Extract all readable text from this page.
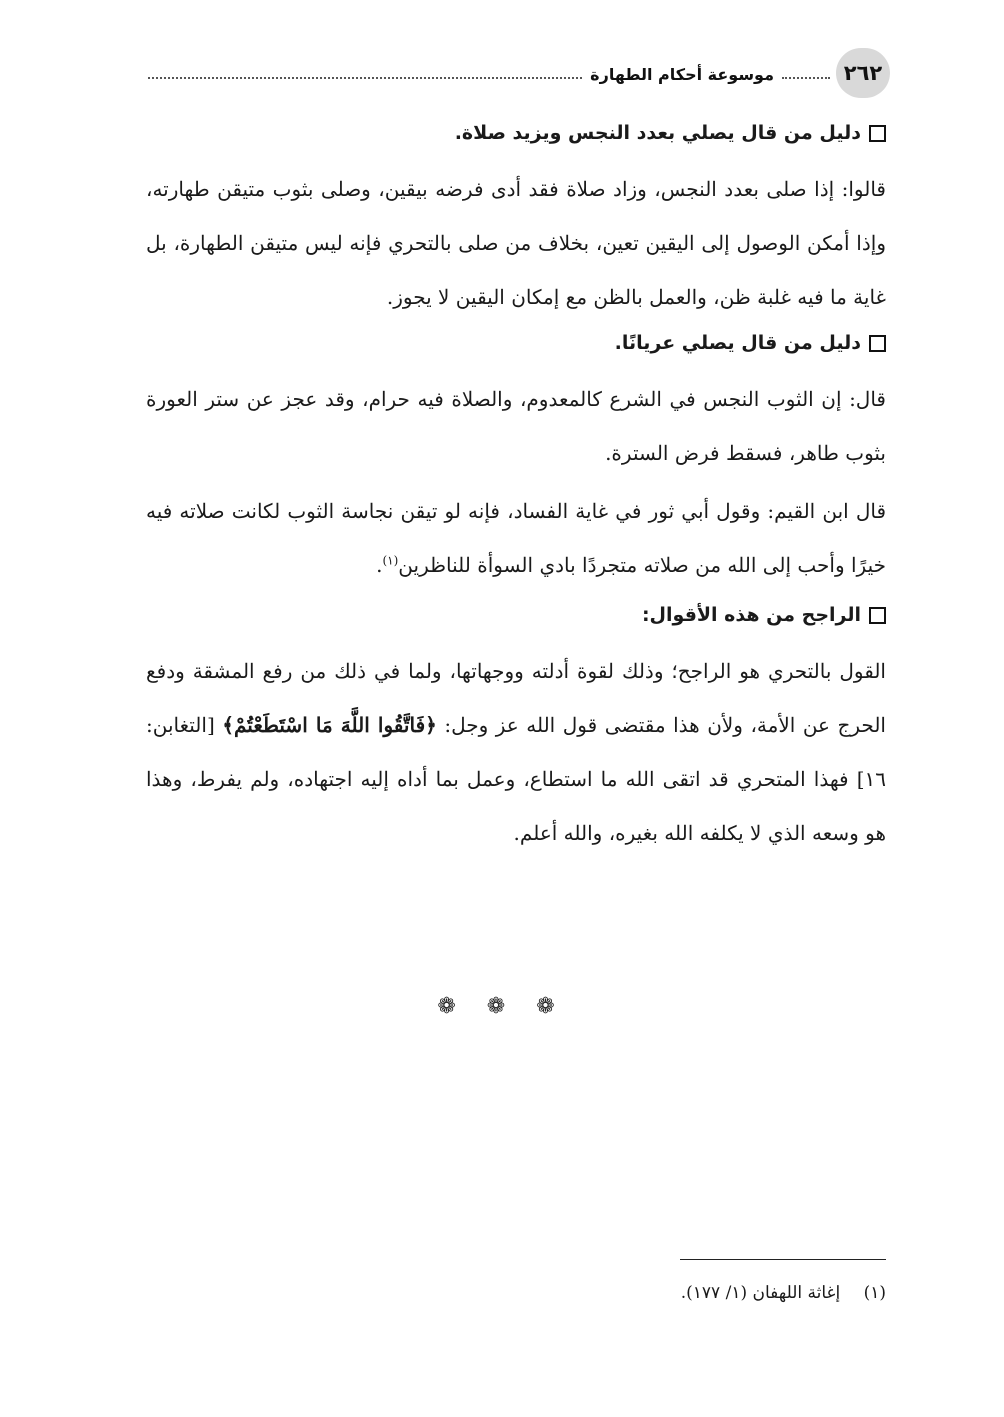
٢٦٢
موسوعة أحكام الطهارة
دليل من قال يصلي بعدد النجس ويزيد صلاة.

قالوا: إذا صلى بعدد النجس، وزاد صلاة فقد أدى فرضه بيقين، وصلى بثوب متيقن طهارته، وإذا أمكن الوصول إلى اليقين تعين، بخلاف من صلى بالتحري فإنه ليس متيقن الطهارة، بل غاية ما فيه غلبة ظن، والعمل بالظن مع إمكان اليقين لا يجوز.

دليل من قال يصلي عريانًا.

قال: إن الثوب النجس في الشرع كالمعدوم، والصلاة فيه حرام، وقد عجز عن ستر العورة بثوب طاهر، فسقط فرض السترة.

قال ابن القيم: وقول أبي ثور في غاية الفساد، فإنه لو تيقن نجاسة الثوب لكانت صلاته فيه خيرًا وأحب إلى الله من صلاته متجردًا بادي السوأة للناظرين$^{(١)}$.

الراجح من هذه الأقوال:

القول بالتحري هو الراجح؛ وذلك لقوة أدلته ووجهاتها، ولما في ذلك من رفع المشقة ودفع الحرج عن الأمة، ولأن هذا مقتضى قول الله عز وجل: ﴿فَاتَّقُوا اللَّهَ مَا اسْتَطَعْتُمْ﴾ [التغابن: ١٦] فهذا المتحري قد اتقى الله ما استطاع، وعمل بما أداه إليه اجتهاده، ولم يفرط، وهذا هو وسعه الذي لا يكلفه الله بغيره، والله أعلم.

❁ ❁ ❁
(١) إغاثة اللهفان (١/ ١٧٧).
